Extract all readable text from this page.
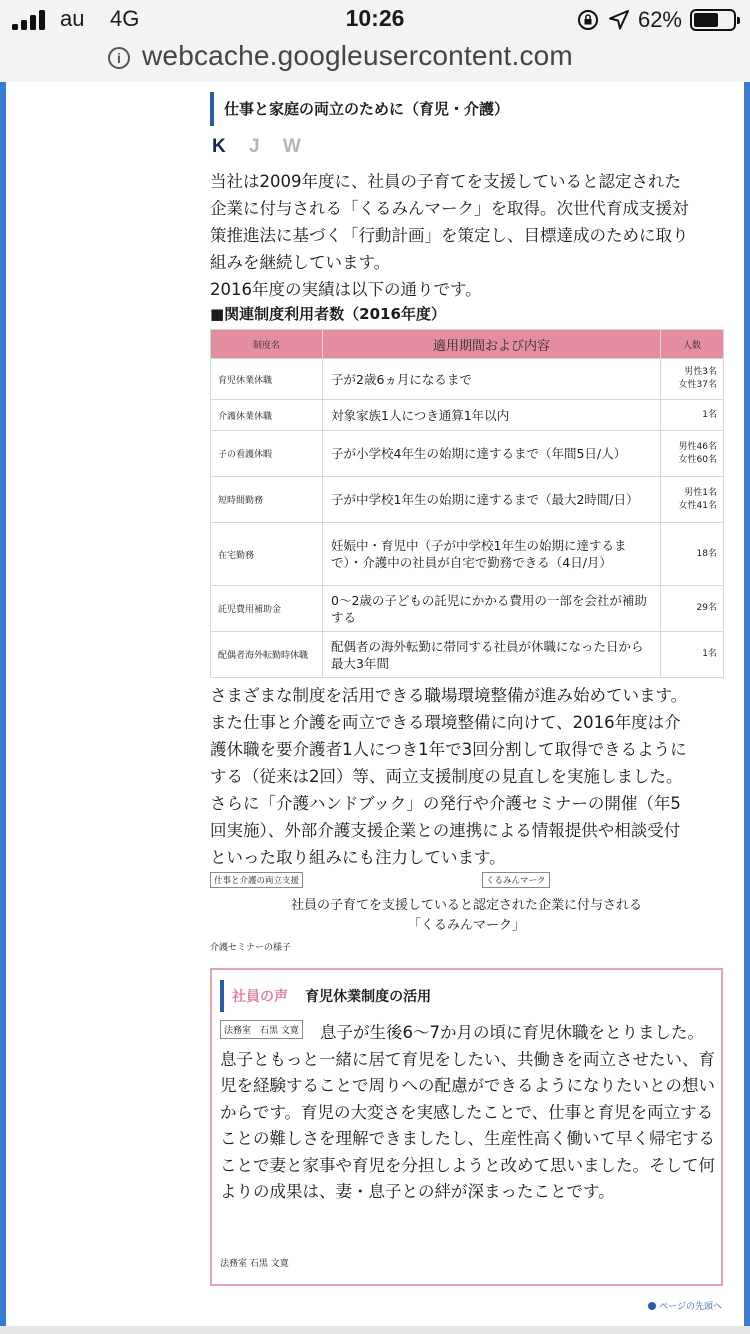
au 4G	10:26	62%
i webcache.googleusercontent.com
仕事と家庭の両立のために（育児・介護）
K J W
当社は2009年度に、社員の子育てを支援していると認定された
企業に付与される「くるみんマーク」を取得。次世代育成支援対
策推進法に基づく「行動計画」を策定し、目標達成のために取り
組みを継続しています。
2016年度の実績は以下の通りです。
■関連制度利用者数（2016年度）
制度名	適用期間および内容	人数
育児休業休職	子が2歳6ヵ月になるまで	男性3名
女性37名

介護休業休職	対象家族1人につき通算1年以内	1名

子の看護休暇	子が小学校4年生の始期に達するまで（年間5日/人）	男性46名
女性60名

短時間勤務	子が中学校1年生の始期に達するまで（最大2時間/日）	男性1名
女性41名

在宅勤務	妊娠中・育児中（子が中学校1年生の始期に達するまで）・介護中の社員が自宅で勤務できる（4日/月）	18名

託児費用補助金	0〜2歳の子どもの託児にかかる費用の一部を会社が補助する	29名

配偶者海外転勤時休職	配偶者の海外転勤に帯同する社員が休職になった日から最大3年間	1名
さまざまな制度を活用できる職場環境整備が進み始めています。
また仕事と介護を両立できる環境整備に向けて、2016年度は介
護休職を要介護者1人につき1年で3回分割して取得できるように
する（従来は2回）等、両立支援制度の見直しを実施しました。
さらに「介護ハンドブック」の発行や介護セミナーの開催（年5
回実施）、外部介護支援企業との連携による情報提供や相談受付
といった取り組みにも注力しています。
仕事と介護の両立支援	くるみんマーク
社員の子育てを支援していると認定された企業に付与される
「くるみんマーク」
介護セミナーの様子
社員の声 育児休業制度の活用
息子が生後6〜7か月の頃に育児休職をとりました。息子ともっと一緒に居て育児をしたい、共働きを両立させたい、育児を経験することで周りへの配慮ができるようになりたいとの想いからです。育児の大変さを実感したことで、仕事と育児を両立することの難しさを理解できましたし、生産性高く働いて早く帰宅することで妻と家事や育児を分担しようと改めて思いました。そして何よりの成果は、妻・息子との絆が深まったことです。
法務室　石黒 文寛
法務室 石黒 文寛
ページの先頭へ
